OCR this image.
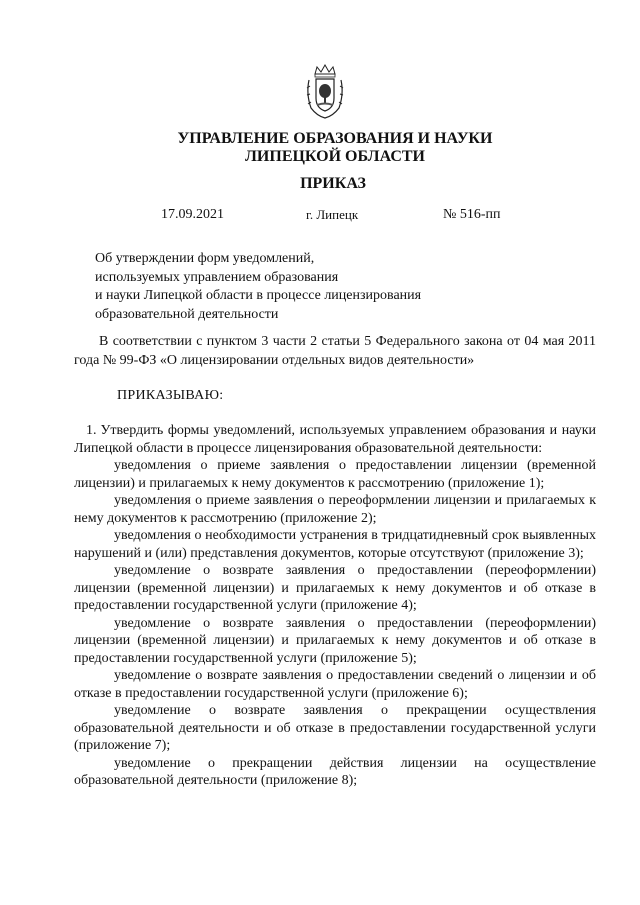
УПРАВЛЕНИЕ ОБРАЗОВАНИЯ И НАУКИ
ЛИПЕЦКОЙ ОБЛАСТИ
ПРИКАЗ
17.09.2021	г. Липецк	№ 516-пп
Об утверждении форм уведомлений,
используемых управлением образования
и науки Липецкой области в процессе лицензирования
образовательной деятельности
В соответствии с пунктом 3 части 2 статьи 5 Федерального закона от 04 мая 2011 года № 99-ФЗ «О лицензировании отдельных видов деятельности»
ПРИКАЗЫВАЮ:

1. Утвердить формы уведомлений, используемых управлением образования и науки Липецкой области в процессе лицензирования образовательной деятельности:

уведомления о приеме заявления о предоставлении лицензии (временной лицензии) и прилагаемых к нему документов к рассмотрению (приложение 1);

уведомления о приеме заявления о переоформлении лицензии и прилагаемых к нему документов к рассмотрению (приложение 2);

уведомления о необходимости устранения в тридцатидневный срок выявленных нарушений и (или) представления документов, которые отсутствуют (приложение 3);

уведомление о возврате заявления о предоставлении (переоформлении) лицензии (временной лицензии) и прилагаемых к нему документов и об отказе в предоставлении государственной услуги (приложение 4);

уведомление о возврате заявления о предоставлении (переоформлении) лицензии (временной лицензии) и прилагаемых к нему документов и об отказе в предоставлении государственной услуги (приложение 5);

уведомление о возврате заявления о предоставлении сведений о лицензии и об отказе в предоставлении государственной услуги (приложение 6);

уведомление о возврате заявления о прекращении осуществления образовательной деятельности и об отказе в предоставлении государственной услуги (приложение 7);

уведомление о прекращении действия лицензии на осуществление образовательной деятельности (приложение 8);
